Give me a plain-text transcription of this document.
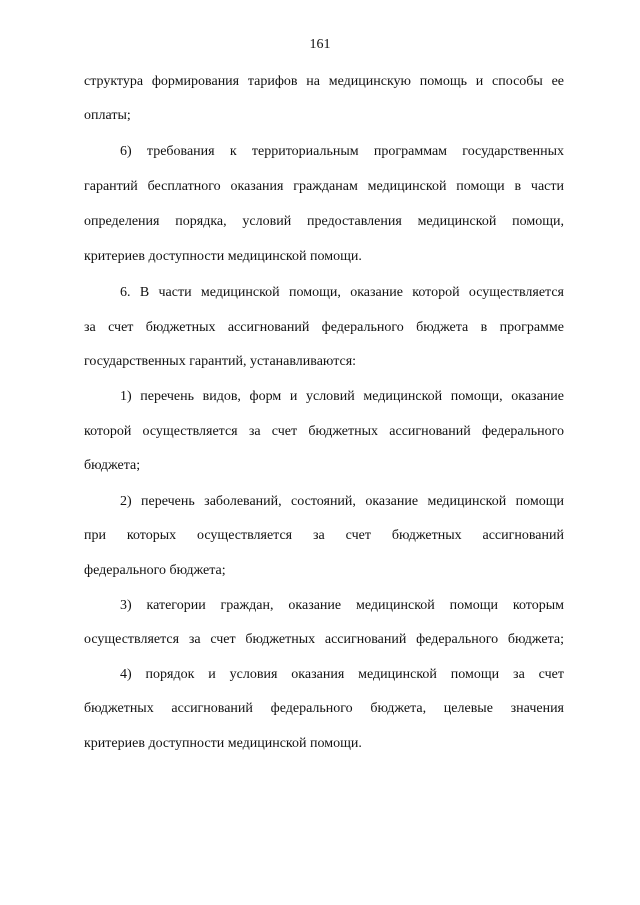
161
структура формирования тарифов на медицинскую помощь и способы ее
оплаты;
6) требования к территориальным программам государственных
гарантий бесплатного оказания гражданам медицинской помощи в части
определения порядка, условий предоставления медицинской помощи,
критериев доступности медицинской помощи.
6. В части медицинской помощи, оказание которой осуществляется
за счет бюджетных ассигнований федерального бюджета в программе
государственных гарантий, устанавливаются:
1) перечень видов, форм и условий медицинской помощи, оказание
которой осуществляется за счет бюджетных ассигнований федерального
бюджета;
2) перечень заболеваний, состояний, оказание медицинской помощи
при которых осуществляется за счет бюджетных ассигнований
федерального бюджета;
3) категории граждан, оказание медицинской помощи которым
осуществляется за счет бюджетных ассигнований федерального бюджета;
4) порядок и условия оказания медицинской помощи за счет
бюджетных ассигнований федерального бюджета, целевые значения
критериев доступности медицинской помощи.
